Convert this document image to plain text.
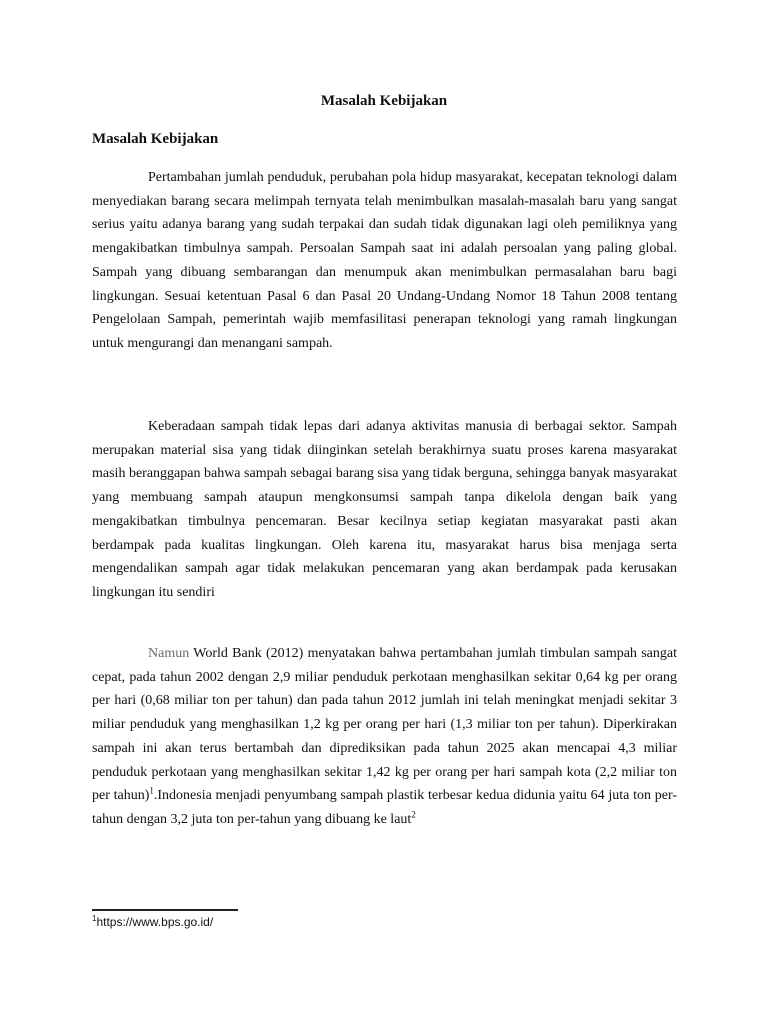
Masalah Kebijakan
Masalah Kebijakan

Pertambahan jumlah penduduk, perubahan pola hidup masyarakat, kecepatan teknologi dalam menyediakan barang secara melimpah ternyata telah menimbulkan masalah-masalah baru yang sangat serius yaitu adanya barang yang sudah terpakai dan sudah tidak digunakan lagi oleh pemiliknya yang mengakibatkan timbulnya sampah. Persoalan Sampah saat ini adalah persoalan yang paling global. Sampah yang dibuang sembarangan dan menumpuk akan menimbulkan permasalahan baru bagi lingkungan. Sesuai ketentuan Pasal 6 dan Pasal 20 Undang-Undang Nomor 18 Tahun 2008 tentang Pengelolaan Sampah, pemerintah wajib memfasilitasi penerapan teknologi yang ramah lingkungan untuk mengurangi dan menangani sampah.

Keberadaan sampah tidak lepas dari adanya aktivitas manusia di berbagai sektor. Sampah merupakan material sisa yang tidak diinginkan setelah berakhirnya suatu proses karena masyarakat masih beranggapan bahwa sampah sebagai barang sisa yang tidak berguna, sehingga banyak masyarakat yang membuang sampah ataupun mengkonsumsi sampah tanpa dikelola dengan baik yang mengakibatkan timbulnya pencemaran. Besar kecilnya setiap kegiatan masyarakat pasti akan berdampak pada kualitas lingkungan. Oleh karena itu, masyarakat harus bisa menjaga serta mengendalikan sampah agar tidak melakukan pencemaran yang akan berdampak pada kerusakan lingkungan itu sendiri

Namun World Bank (2012) menyatakan bahwa pertambahan jumlah timbulan sampah sangat cepat, pada tahun 2002 dengan 2,9 miliar penduduk perkotaan menghasilkan sekitar 0,64 kg per orang per hari (0,68 miliar ton per tahun) dan pada tahun 2012 jumlah ini telah meningkat menjadi sekitar 3 miliar penduduk yang menghasilkan 1,2 kg per orang per hari (1,3 miliar ton per tahun). Diperkirakan sampah ini akan terus bertambah dan diprediksikan pada tahun 2025 akan mencapai 4,3 miliar penduduk perkotaan yang menghasilkan sekitar 1,42 kg per orang per hari sampah kota (2,2 miliar ton per tahun)$^1$.Indonesia menjadi penyumbang sampah plastik terbesar kedua didunia yaitu 64 juta ton per-tahun dengan 3,2 juta ton per-tahun yang dibuang ke laut$^2$

$^1$https://www.bps.go.id/
